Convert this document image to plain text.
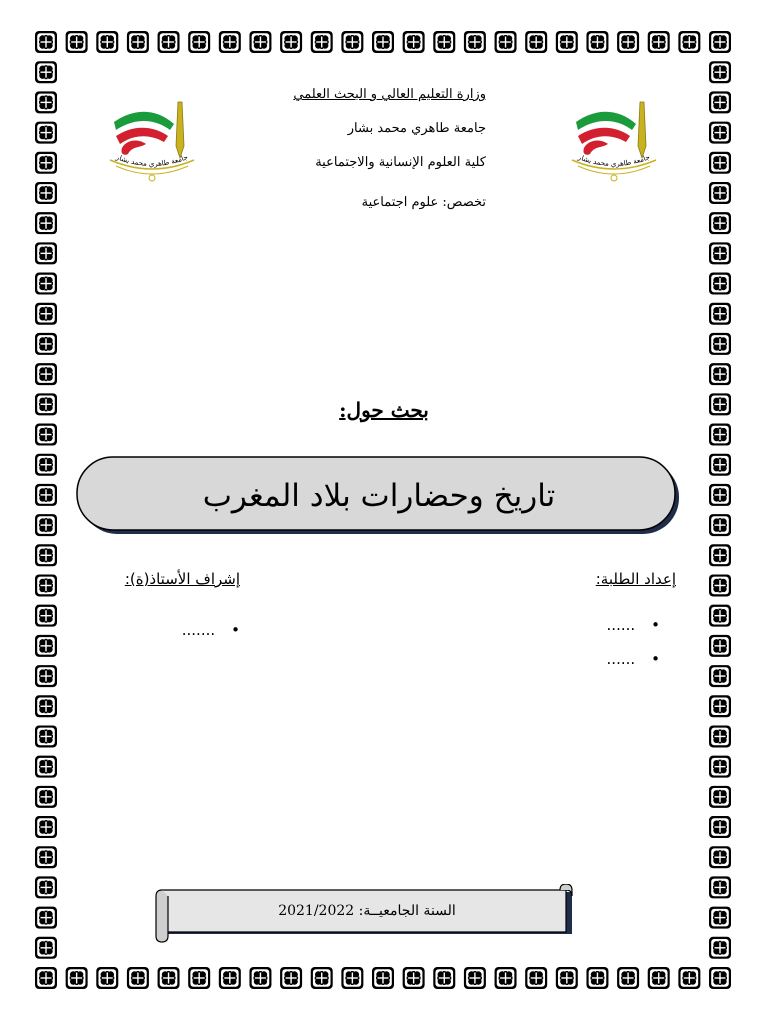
وزارة التعليم العالي و البحث العلمي
جامعة طاهري محمد بشار
كلية العلوم الإنسانية والاجتماعية
تخصص: علوم اجتماعية
جامعة طاهري محمد بشار	جامعة طاهري محمد بشار
بحث حول:
تاريخ وحضارات بلاد المغرب
إعداد الطلبة:
•......
•......
إشراف الأستاذ(ة):
•.......
السنة الجامعيــة: 2021/2022
